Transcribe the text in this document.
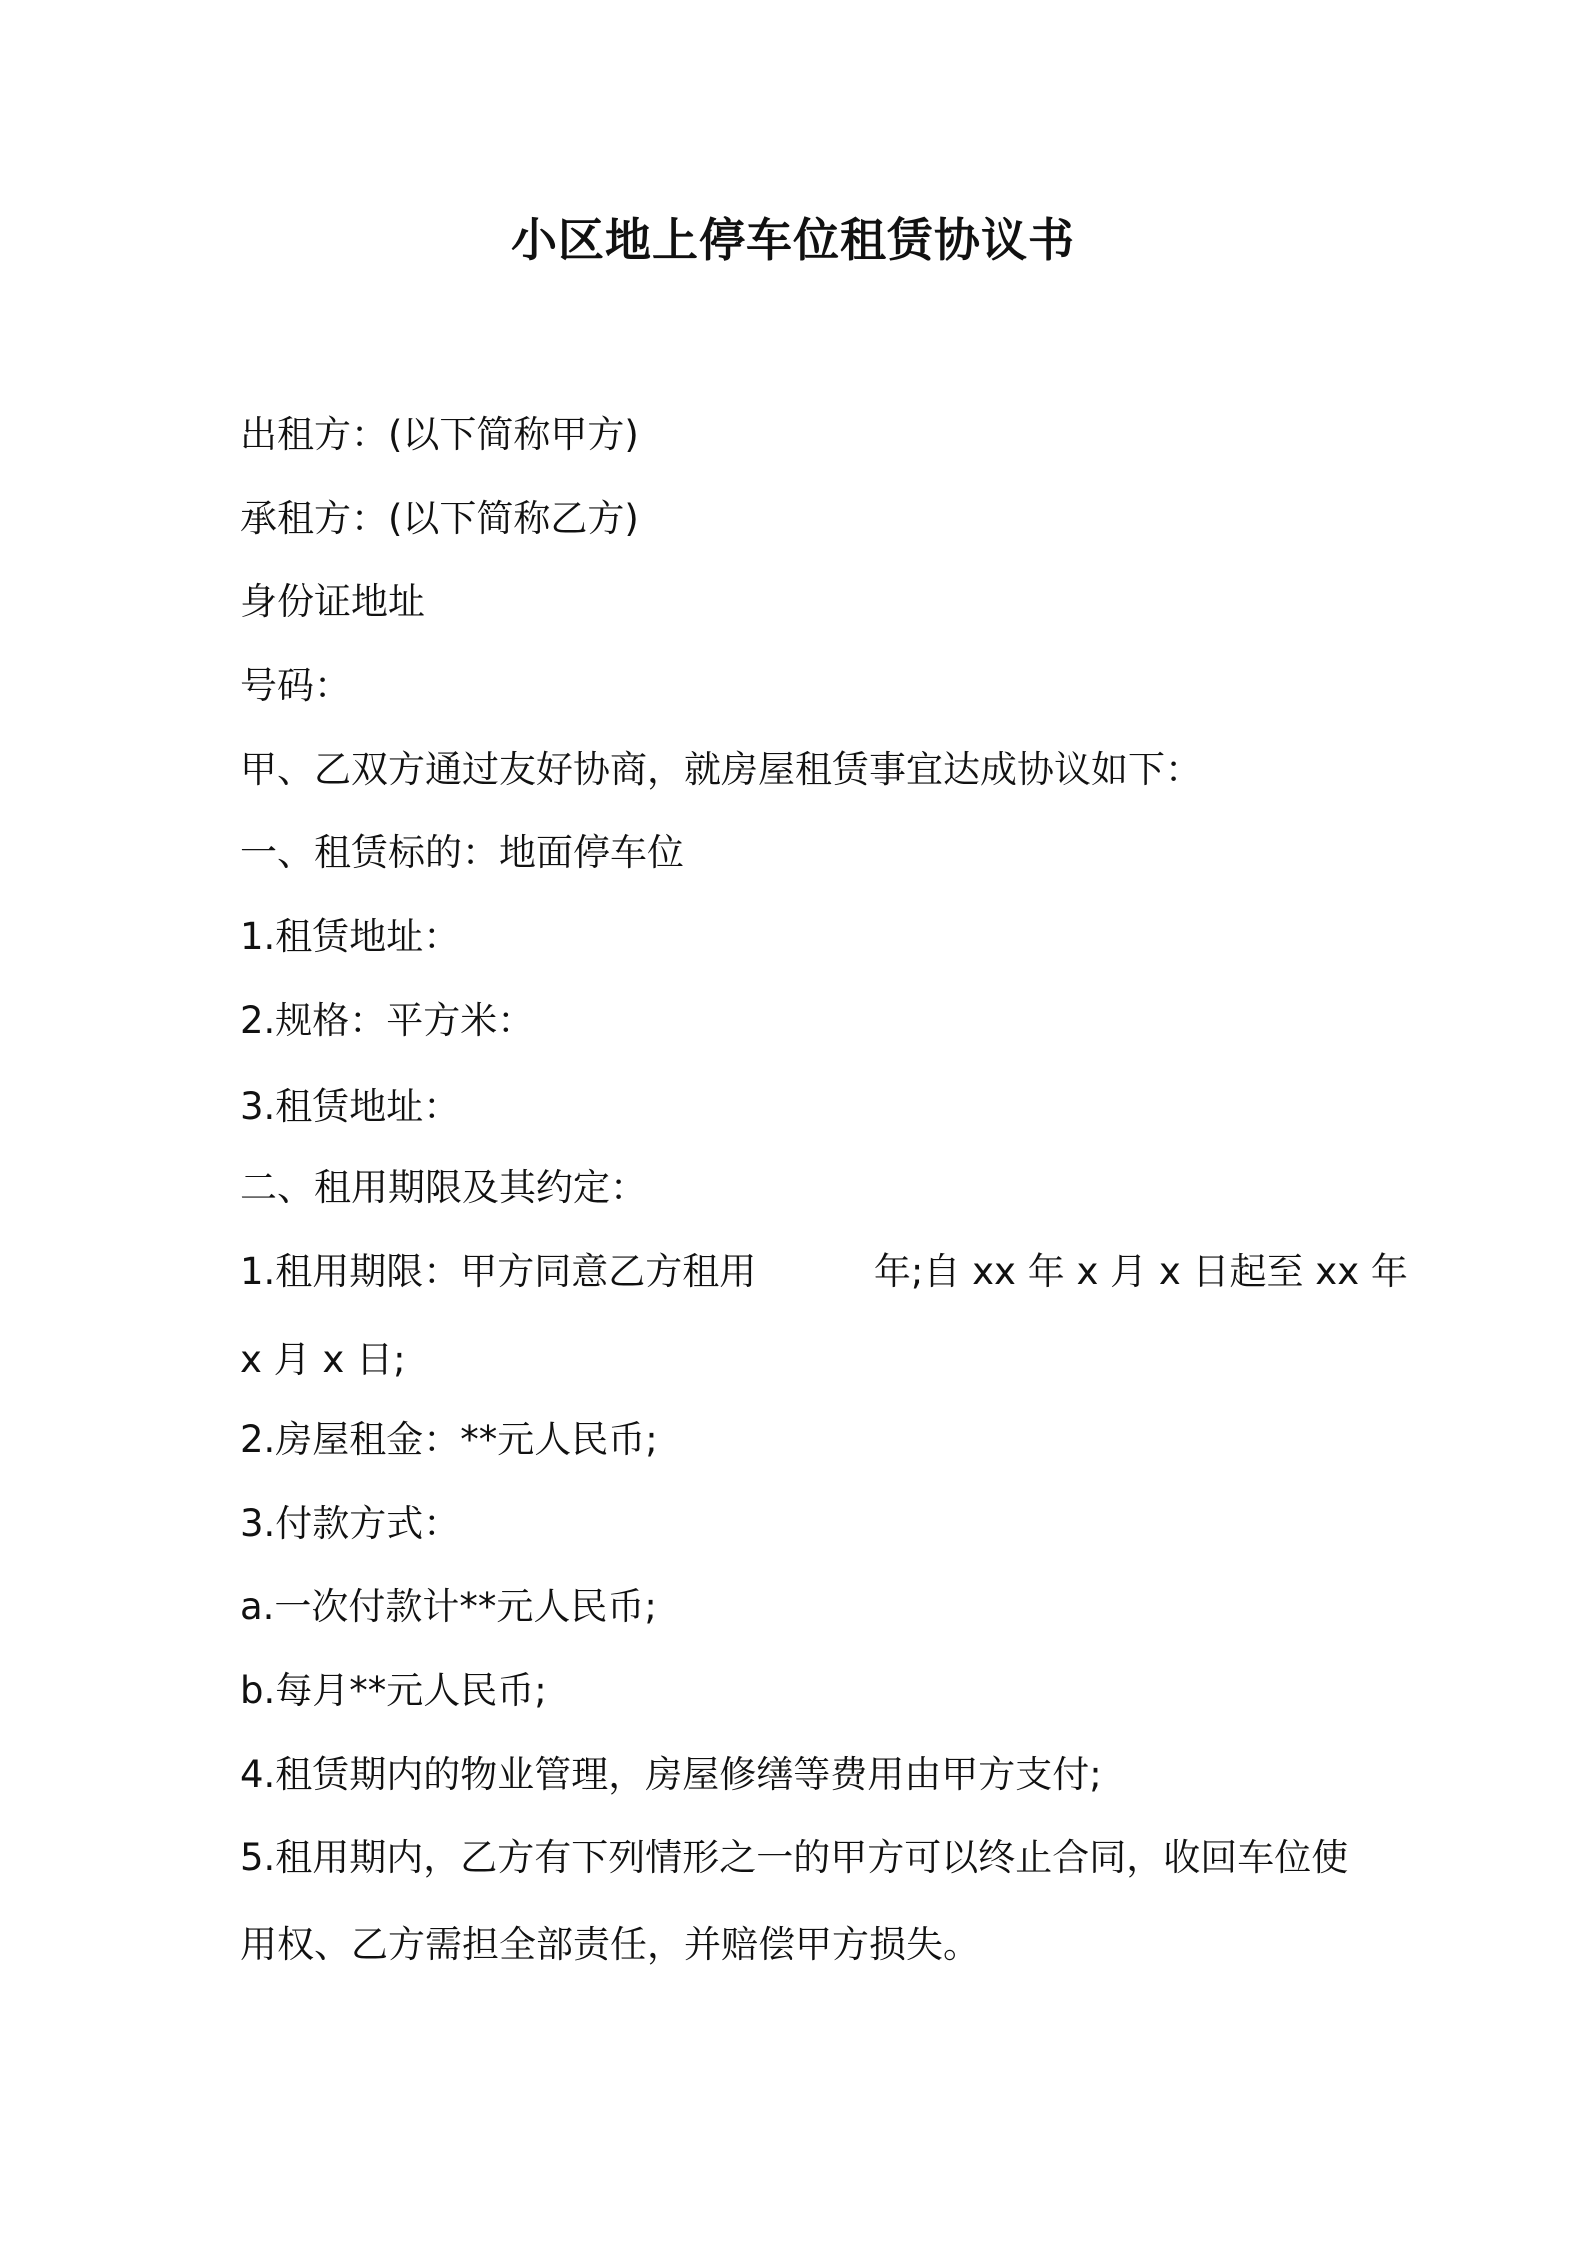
小区地上停车位租赁协议书
出租方：(以下简称甲方)
承租方：(以下简称乙方)
身份证地址
号码：
甲、乙双方通过友好协商，就房屋租赁事宜达成协议如下：
一、租赁标的：地面停车位
1.租赁地址：
2.规格：平方米：
3.租赁地址：
二、租用期限及其约定：
1.租用期限：甲方同意乙方租用          年;自 xx 年 x 月 x 日起至 xx 年
x 月 x 日;
2.房屋租金：**元人民币;
3.付款方式：
a.一次付款计**元人民币;
b.每月**元人民币;
4.租赁期内的物业管理，房屋修缮等费用由甲方支付;
5.租用期内，乙方有下列情形之一的甲方可以终止合同，收回车位使
用权、乙方需担全部责任，并赔偿甲方损失。
